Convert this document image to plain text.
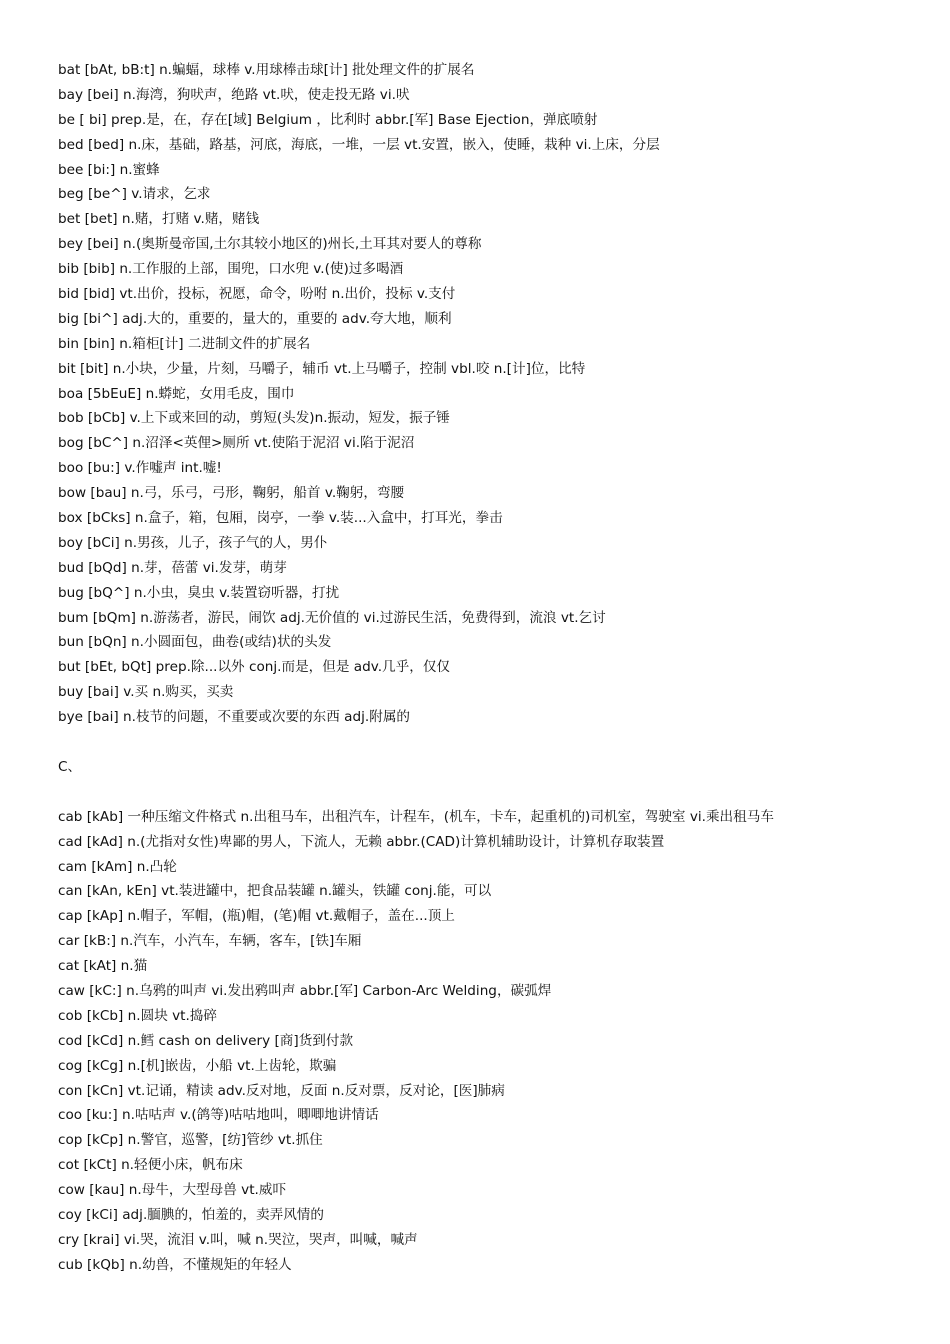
bat [bAt, bB:t] n.蝙蝠，球棒 v.用球棒击球[计] 批处理文件的扩展名
bay [bei] n.海湾，狗吠声，绝路 vt.吠，使走投无路 vi.吠
be [ bi] prep.是，在，存在[域] Belgium ，比利时 abbr.[军] Base Ejection，弹底喷射
bed [bed] n.床，基础，路基，河底，海底，一堆，一层 vt.安置，嵌入，使睡，栽种 vi.上床，分层
bee [bi:] n.蜜蜂
beg [be^] v.请求，乞求
bet [bet] n.赌，打赌 v.赌，赌钱
bey [bei] n.(奥斯曼帝国,土尔其较小地区的)州长,土耳其对要人的尊称
bib [bib] n.工作服的上部，围兜，口水兜 v.(使)过多喝酒
bid [bid] vt.出价，投标，祝愿，命令，吩咐 n.出价，投标 v.支付
big [bi^] adj.大的，重要的，量大的，重要的 adv.夸大地，顺利
bin [bin] n.箱柜[计] 二进制文件的扩展名
bit [bit] n.小块，少量，片刻，马嚼子，辅币 vt.上马嚼子，控制 vbl.咬 n.[计]位，比特
boa [5bEuE] n.蟒蛇，女用毛皮，围巾
bob [bCb] v.上下或来回的动，剪短(头发)n.振动，短发，振子锤
bog [bC^] n.沼泽<英俚>厕所 vt.使陷于泥沼 vi.陷于泥沼
boo [bu:] v.作嘘声 int.嘘!
bow [bau] n.弓，乐弓，弓形，鞠躬，船首 v.鞠躬，弯腰
box [bCks] n.盒子，箱，包厢，岗亭，一拳 v.装...入盒中，打耳光，拳击
boy [bCi] n.男孩，儿子，孩子气的人，男仆
bud [bQd] n.芽，蓓蕾 vi.发芽，萌芽
bug [bQ^] n.小虫，臭虫 v.装置窃听器，打扰
bum [bQm] n.游荡者，游民，闹饮 adj.无价值的 vi.过游民生活，免费得到，流浪 vt.乞讨
bun [bQn] n.小圆面包，曲卷(或结)状的头发
but [bEt, bQt] prep.除...以外 conj.而是，但是 adv.几乎，仅仅
buy [bai] v.买 n.购买，买卖
bye [bai] n.枝节的问题，不重要或次要的东西 adj.附属的
C、
cab [kAb] 一种压缩文件格式 n.出租马车，出租汽车，计程车，(机车，卡车，起重机的)司机室，驾驶室 vi.乘出租马车
cad [kAd] n.(尤指对女性)卑鄙的男人，下流人，无赖 abbr.(CAD)计算机辅助设计，计算机存取装置
cam [kAm] n.凸轮
can [kAn, kEn] vt.装进罐中，把食品装罐 n.罐头，铁罐 conj.能，可以
cap [kAp] n.帽子，军帽，(瓶)帽，(笔)帽 vt.戴帽子，盖在...顶上
car [kB:] n.汽车，小汽车，车辆，客车，[铁]车厢
cat [kAt] n.猫
caw [kC:] n.乌鸦的叫声 vi.发出鸦叫声 abbr.[军] Carbon-Arc Welding，碳弧焊
cob [kCb] n.圆块 vt.捣碎
cod [kCd] n.鳕 cash on delivery [商]货到付款
cog [kCg] n.[机]嵌齿，小船 vt.上齿轮，欺骗
con [kCn] vt.记诵，精读 adv.反对地，反面 n.反对票，反对论，[医]肺病
coo [ku:] n.咕咕声 v.(鸽等)咕咕地叫，唧唧地讲情话
cop [kCp] n.警官，巡警，[纺]管纱 vt.抓住
cot [kCt] n.轻便小床，帆布床
cow [kau] n.母牛，大型母兽 vt.威吓
coy [kCi] adj.腼腆的，怕羞的，卖弄风情的
cry [krai] vi.哭，流泪 v.叫，喊 n.哭泣，哭声，叫喊，喊声
cub [kQb] n.幼兽，不懂规矩的年轻人
